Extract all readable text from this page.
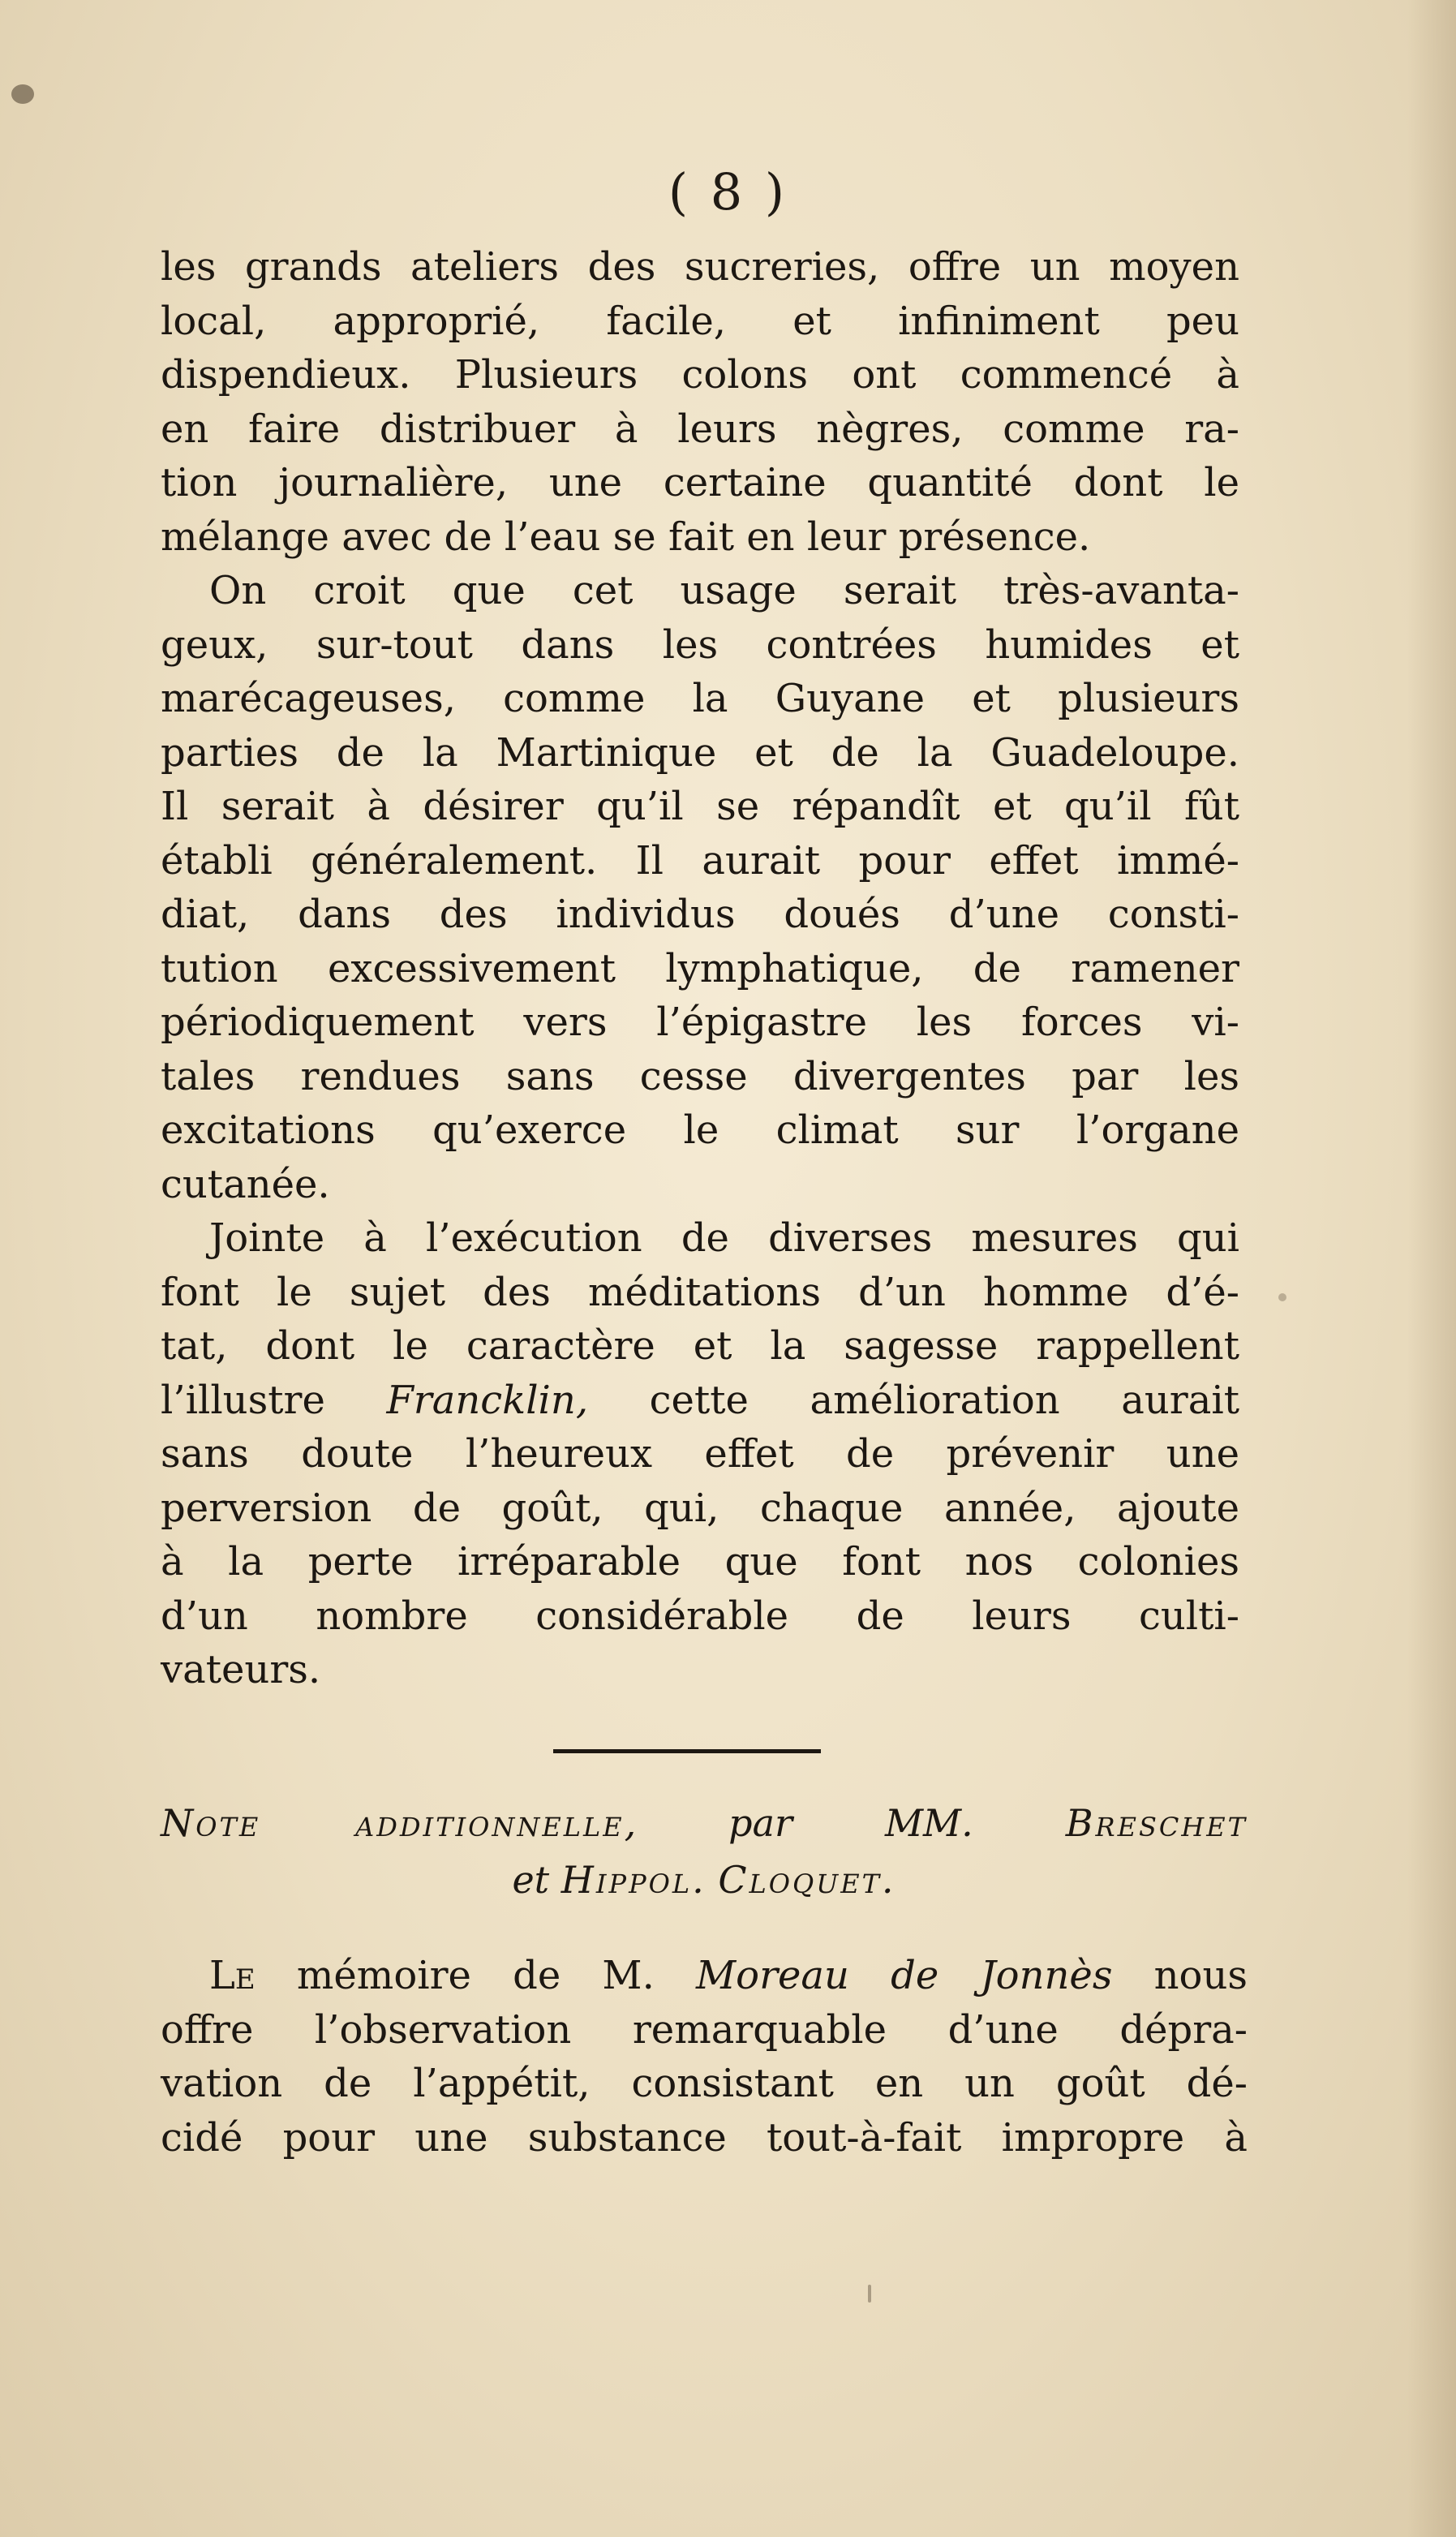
( 8 )
les grands ateliers des sucreries, offre un moyen
local, approprié, facile, et infiniment peu
dispendieux. Plusieurs colons ont commencé à
en faire distribuer à leurs nègres, comme ra-
tion journalière, une certaine quantité dont le
mélange avec de l’eau se fait en leur présence.
On croit que cet usage serait très-avanta-
geux, sur-tout dans les contrées humides et
marécageuses, comme la Guyane et plusieurs
parties de la Martinique et de la Guadeloupe.
Il serait à désirer qu’il se répandît et qu’il fût
établi généralement. Il aurait pour effet immé-
diat, dans des individus doués d’une consti-
tution excessivement lymphatique, de ramener
périodiquement vers l’épigastre les forces vi-
tales rendues sans cesse divergentes par les
excitations qu’exerce le climat sur l’organe
cutanée.
Jointe à l’exécution de diverses mesures qui
font le sujet des méditations d’un homme d’é-
tat, dont le caractère et la sagesse rappellent
l’illustre Francklin, cette amélioration aurait
sans doute l’heureux effet de prévenir une
perversion de goût, qui, chaque année, ajoute
à la perte irréparable que font nos colonies
d’un nombre considérable de leurs culti-
vateurs.
Note additionnelle, par MM. Breschet
et Hippol. Cloquet.
Le mémoire de M. Moreau de Jonnès nous
offre l’observation remarquable d’une dépra-
vation de l’appétit, consistant en un goût dé-
cidé pour une substance tout-à-fait impropre à
